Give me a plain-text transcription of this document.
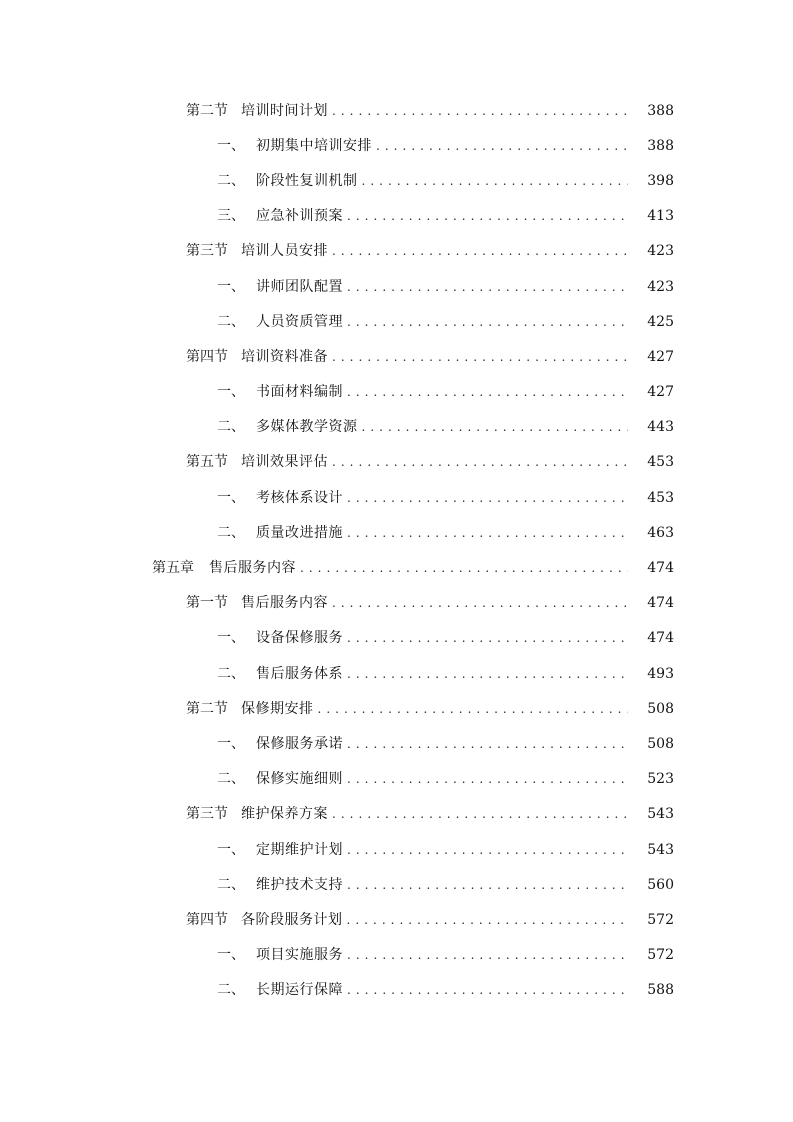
第二节 培训时间计划 . . .	388
一、 初期集中培训安排 . . .	388
二、 阶段性复训机制 . . .	398
三、 应急补训预案 . . .	413
第三节 培训人员安排 . . .	423
一、 讲师团队配置 . . .	423
二、 人员资质管理 . . .	425
第四节 培训资料准备 . . .	427
一、 书面材料编制 . . .	427
二、 多媒体教学资源 . . .	443
第五节 培训效果评估 . . .	453
一、 考核体系设计 . . .	453
二、 质量改进措施 . . .	463
第五章	售后服务内容 . . .	474
第一节 售后服务内容 . . .	474
一、 设备保修服务 . . .	474
二、 售后服务体系 . . .	493
第二节 保修期安排 . . .	508
一、 保修服务承诺 . . .	508
二、 保修实施细则 . . .	523
第三节 维护保养方案 . . .	543
一、 定期维护计划 . . .	543
二、 维护技术支持 . . .	560
第四节 各阶段服务计划 . . .	572
一、 项目实施服务 . . .	572
二、 长期运行保障 . . .	588
